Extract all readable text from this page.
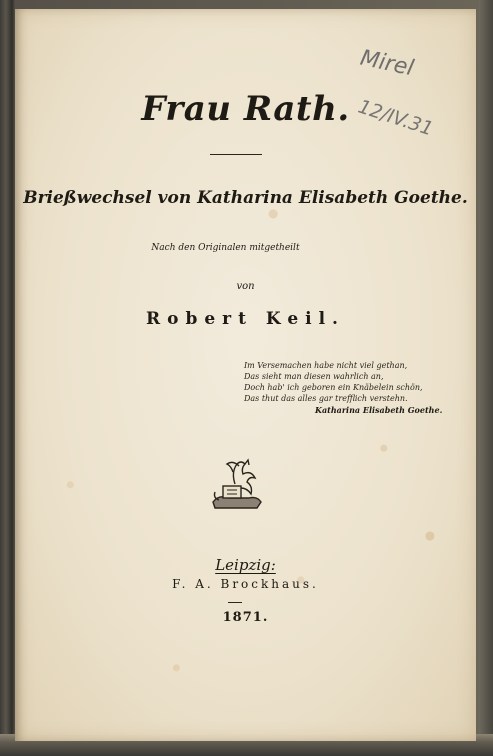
Mirel
12/IV.31
Frau Rath.
Brießwechsel von Katharina Elisabeth Goethe.
Nach den Originalen mitgetheilt
von
Robert Keil.
Im Versemachen habe nicht viel gethan,
Das sieht man diesen wahrlich an,
Doch hab' ich geboren ein Knäbelein schön,
Das thut das alles gar trefflich verstehn.
Katharina Elisabeth Goethe.
Leipzig:
F. A. Brockhaus.
1871.
